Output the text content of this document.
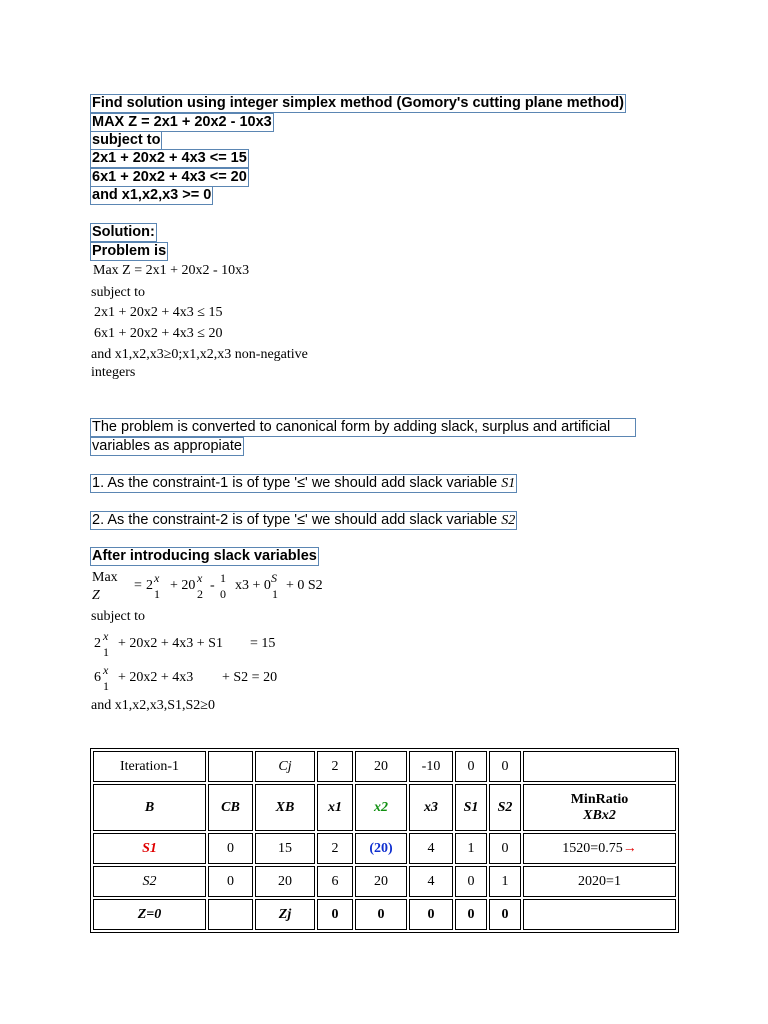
Find solution using integer simplex method (Gomory's cutting plane method)
MAX Z = 2x1 + 20x2 - 10x3
subject to
2x1 + 20x2 + 4x3 <= 15
6x1 + 20x2 + 4x3 <= 20
and x1,x2,x3 >= 0
Solution:
Problem is
Max Z = 2x1 + 20x2 - 10x3
subject to
2x1 + 20x2 + 4x3 ≤ 15
6x1 + 20x2 + 4x3 ≤ 20
and x1,x2,x3≥0;x1,x2,x3 non-negative
integers
The problem is converted to canonical form by adding slack, surplus and artificial
variables as appropiate
1. As the constraint-1 is of type '≤' we should add slack variable S1
2. As the constraint-2 is of type '≤' we should add slack variable S2
After introducing slack variables
Max
Z
= 2 x
1
+ 20 x
2
- 1
0
x3 + 0 S
1
+ 0 S2
subject to
2 x
1
+ 20x2 + 4x3 + S1 = 15
6 x
1
+ 20x2 + 4x3 + S2 = 20
and x1,x2,x3,S1,S2≥0
Iteration-1		Cj	2	20	-10	0	0	
B	CB	XB	x1	x2	x3	S1	S2	MinRatio
XBx2

S1	0	15	2	(20)	4	1	0	1520=0.75→
S2	0	20	6	20	4	0	1	2020=1
Z=0		Zj	0	0	0	0	0	
